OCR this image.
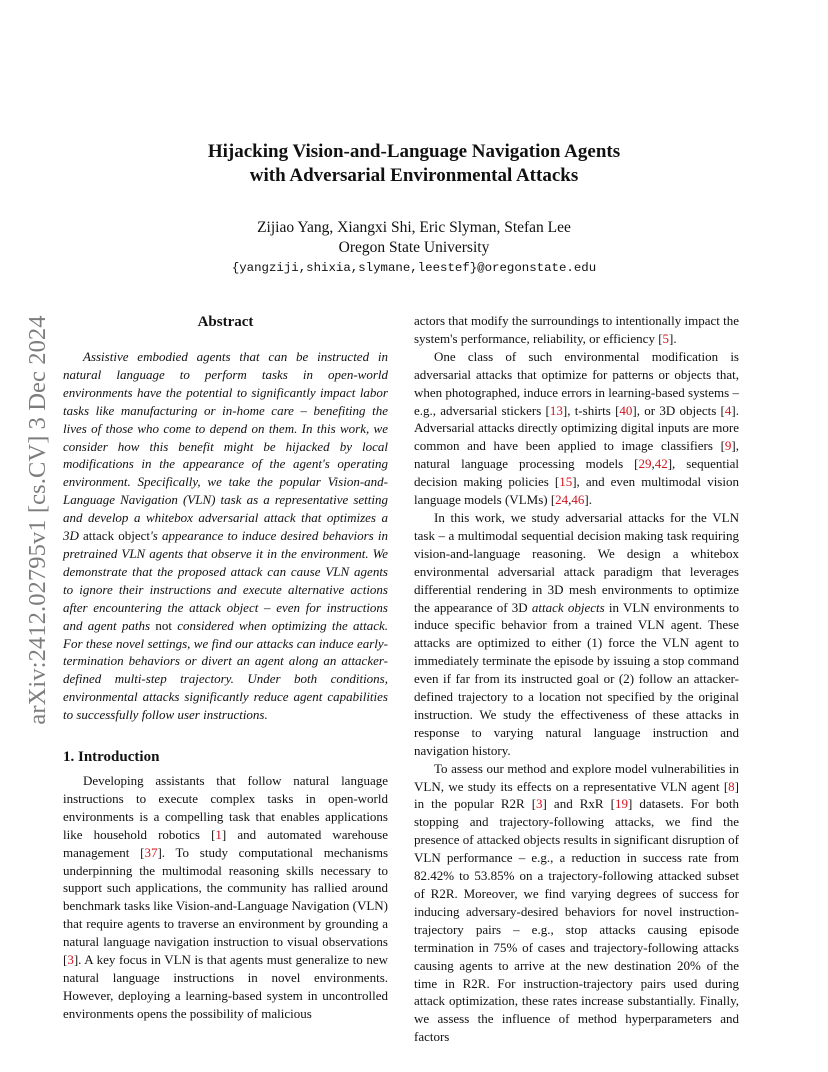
arXiv:2412.02795v1 [cs.CV] 3 Dec 2024
Hijacking Vision-and-Language Navigation Agents
with Adversarial Environmental Attacks
Zijiao Yang, Xiangxi Shi, Eric Slyman, Stefan Lee
Oregon State University
{yangziji,shixia,slymane,leestef}@oregonstate.edu
Abstract

Assistive embodied agents that can be instructed in natural language to perform tasks in open-world environments have the potential to significantly impact labor tasks like manufacturing or in-home care – benefiting the lives of those who come to depend on them. In this work, we consider how this benefit might be hijacked by local modifications in the appearance of the agent's operating environment. Specifically, we take the popular Vision-and-Language Navigation (VLN) task as a representative setting and develop a whitebox adversarial attack that optimizes a 3D attack object's appearance to induce desired behaviors in pretrained VLN agents that observe it in the environment. We demonstrate that the proposed attack can cause VLN agents to ignore their instructions and execute alternative actions after encountering the attack object – even for instructions and agent paths not considered when optimizing the attack. For these novel settings, we find our attacks can induce early-termination behaviors or divert an agent along an attacker-defined multi-step trajectory. Under both conditions, environmental attacks significantly reduce agent capabilities to successfully follow user instructions.

1. Introduction

Developing assistants that follow natural language instructions to execute complex tasks in open-world environments is a compelling task that enables applications like household robotics [1] and automated warehouse management [37]. To study computational mechanisms underpinning the multimodal reasoning skills necessary to support such applications, the community has rallied around benchmark tasks like Vision-and-Language Navigation (VLN) that require agents to traverse an environment by grounding a natural language navigation instruction to visual observations [3]. A key focus in VLN is that agents must generalize to new natural language instructions in novel environments. However, deploying a learning-based system in uncontrolled environments opens the possibility of malicious

actors that modify the surroundings to intentionally impact the system's performance, reliability, or efficiency [5].

One class of such environmental modification is adversarial attacks that optimize for patterns or objects that, when photographed, induce errors in learning-based systems – e.g., adversarial stickers [13], t-shirts [40], or 3D objects [4]. Adversarial attacks directly optimizing digital inputs are more common and have been applied to image classifiers [9], natural language processing models [29,42], sequential decision making policies [15], and even multimodal vision language models (VLMs) [24,46].

In this work, we study adversarial attacks for the VLN task – a multimodal sequential decision making task requiring vision-and-language reasoning. We design a whitebox environmental adversarial attack paradigm that leverages differential rendering in 3D mesh environments to optimize the appearance of 3D attack objects in VLN environments to induce specific behavior from a trained VLN agent. These attacks are optimized to either (1) force the VLN agent to immediately terminate the episode by issuing a stop command even if far from its instructed goal or (2) follow an attacker-defined trajectory to a location not specified by the original instruction. We study the effectiveness of these attacks in response to varying natural language instruction and navigation history.

To assess our method and explore model vulnerabilities in VLN, we study its effects on a representative VLN agent [8] in the popular R2R [3] and RxR [19] datasets. For both stopping and trajectory-following attacks, we find the presence of attacked objects results in significant disruption of VLN performance – e.g., a reduction in success rate from 82.42% to 53.85% on a trajectory-following attacked subset of R2R. Moreover, we find varying degrees of success for inducing adversary-desired behaviors for novel instruction-trajectory pairs – e.g., stop attacks causing episode termination in 75% of cases and trajectory-following attacks causing agents to arrive at the new destination 20% of the time in R2R. For instruction-trajectory pairs used during attack optimization, these rates increase substantially. Finally, we assess the influence of method hyperparameters and factors
